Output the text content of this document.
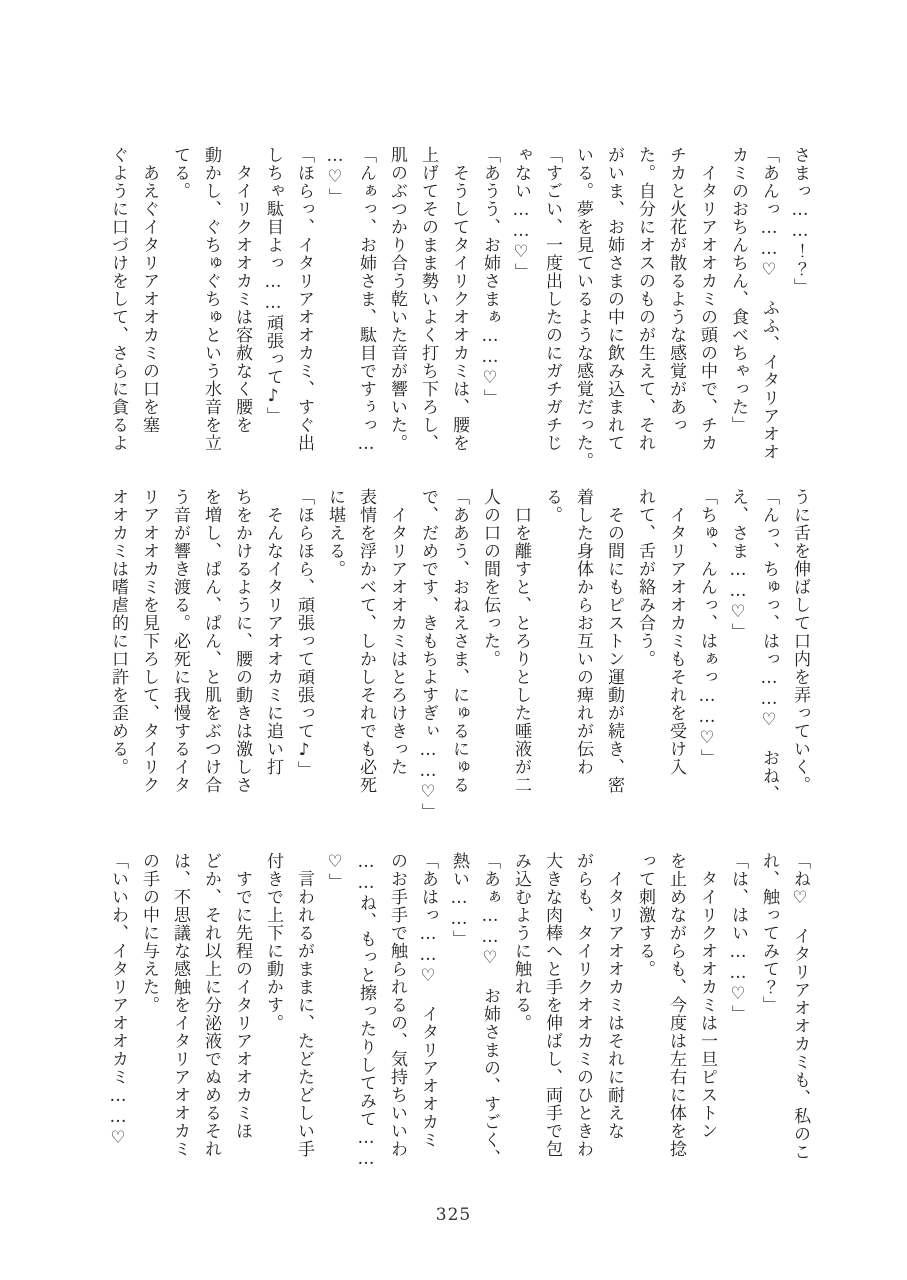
さまっ……！？」
「あんっ……♡　ふふ、イタリアオオ
カミのおちんちん、食べちゃった」
　イタリアオオカミの頭の中で、チカ
チカと火花が散るような感覚があっ
た。自分にオスのものが生えて、それ
がいま、お姉さまの中に飲み込まれて
いる。夢を見ているような感覚だった。
「すごい、一度出したのにガチガチじ
ゃない……♡」
「あうう、お姉さまぁ……♡」
　そうしてタイリクオオカミは、腰を
上げてそのまま勢いよく打ち下ろし、
肌のぶつかり合う乾いた音が響いた。
「んぁっ、お姉さま、駄目ですぅっ…
…♡」
「ほらっ、イタリアオオカミ、すぐ出
しちゃ駄目よっ……頑張って♪」
　タイリクオオカミは容赦なく腰を
動かし、ぐちゅぐちゅという水音を立
てる。
　あえぐイタリアオオカミの口を塞
ぐように口づけをして、さらに貪るよ
うに舌を伸ばして口内を弄っていく。
「んっ、ちゅっ、はっ……♡　おね、
え、さま……♡」
「ちゅ、んんっ、はぁっ……♡」
　イタリアオオカミもそれを受け入
れて、舌が絡み合う。
　その間にもピストン運動が続き、密
着した身体からお互いの痺れが伝わ
る。
　口を離すと、とろりとした唾液が二
人の口の間を伝った。
「ああう、おねえさま、にゅるにゅる
で、だめです、きもちよすぎぃ……♡」
　イタリアオオカミはとろけきった
表情を浮かべて、しかしそれでも必死
に堪える。
「ほらほら、頑張って頑張って♪」
　そんなイタリアオオカミに追い打
ちをかけるように、腰の動きは激しさ
を増し、ぱん、ぱん、と肌をぶつけ合
う音が響き渡る。必死に我慢するイタ
リアオオカミを見下ろして、タイリク
オオカミは嗜虐的に口許を歪める。
「ね♡　イタリアオオカミも、私のこ
れ、触ってみて？」
「は、はい……♡」
　タイリクオオカミは一旦ピストン
を止めながらも、今度は左右に体を捻
って刺激する。
　イタリアオオカミはそれに耐えな
がらも、タイリクオオカミのひときわ
大きな肉棒へと手を伸ばし、両手で包
み込むように触れる。
「あぁ……♡　お姉さまの、すごく、
熱い……」
「あはっ……♡　イタリアオオカミ
のお手手で触られるの、気持ちいいわ
……ね、もっと擦ったりしてみて……
♡」
　言われるがままに、たどたどしい手
付きで上下に動かす。
　すでに先程のイタリアオオカミほ
どか、それ以上に分泌液でぬめるそれ
は、不思議な感触をイタリアオオカミ
の手の中に与えた。
「いいわ、イタリアオオカミ……♡
325
